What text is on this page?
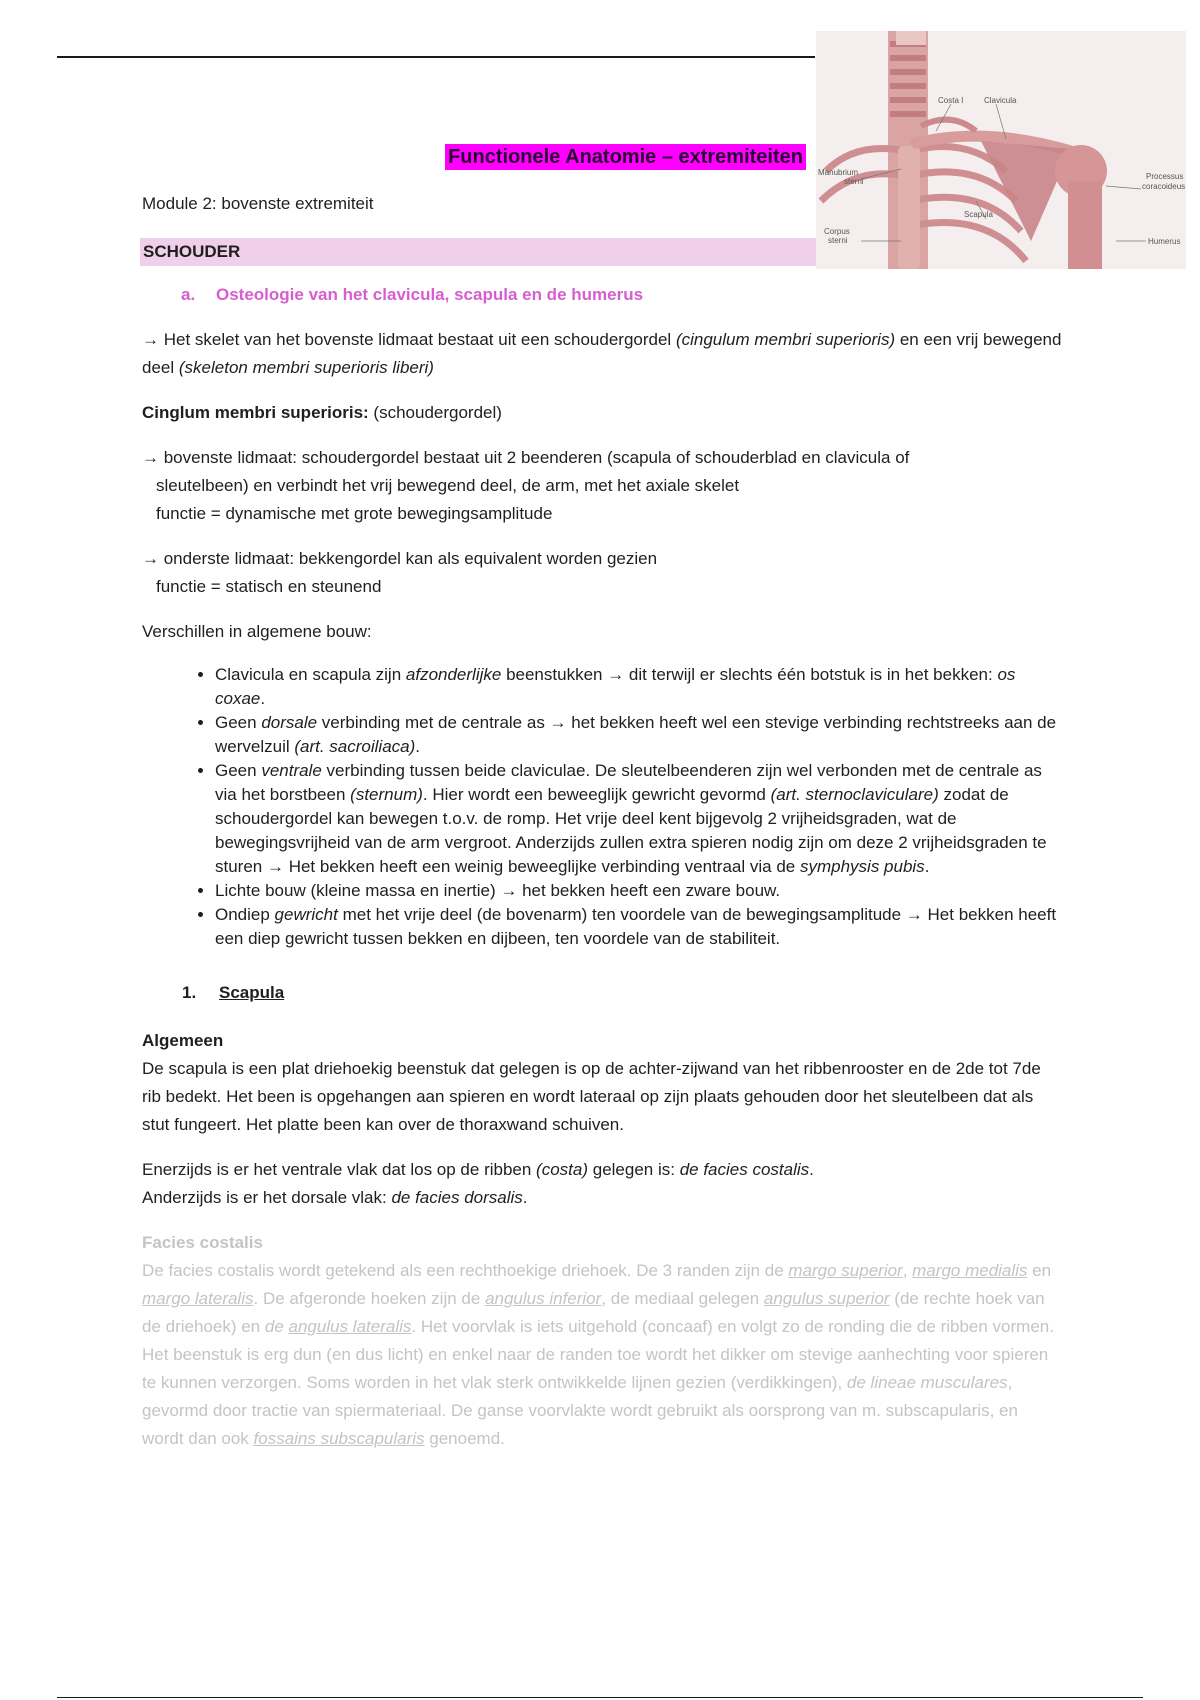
Costa I	Clavicula
Manubrium
sterni
Processus
coracoideus
Scapula
Corpus
sterni	Humerus
Functionele Anatomie – extremiteiten
Module 2: bovenste extremiteit
SCHOUDER
a. Osteologie van het clavicula, scapula en de humerus

→ Het skelet van het bovenste lidmaat bestaat uit een schoudergordel (cingulum membri superioris) en een vrij bewegend deel (skeleton membri superioris liberi)

Cinglum membri superioris: (schoudergordel)

→ bovenste lidmaat: schoudergordel bestaat uit 2 beenderen (scapula of schouderblad en clavicula of
sleutelbeen) en verbindt het vrij bewegend deel, de arm, met het axiale skelet
functie = dynamische met grote bewegingsamplitude

→ onderste lidmaat: bekkengordel kan als equivalent worden gezien
functie = statisch en steunend

Verschillen in algemene bouw:

• Clavicula en scapula zijn afzonderlijke beenstukken → dit terwijl er slechts één botstuk is in het bekken: os coxae.
• Geen dorsale verbinding met de centrale as → het bekken heeft wel een stevige verbinding rechtstreeks aan de wervelzuil (art. sacroiliaca).
• Geen ventrale verbinding tussen beide claviculae. De sleutelbeenderen zijn wel verbonden met de centrale as via het borstbeen (sternum). Hier wordt een beweeglijk gewricht gevormd (art. sternoclaviculare) zodat de schoudergordel kan bewegen t.o.v. de romp. Het vrije deel kent bijgevolg 2 vrijheidsgraden, wat de bewegingsvrijheid van de arm vergroot. Anderzijds zullen extra spieren nodig zijn om deze 2 vrijheidsgraden te sturen → Het bekken heeft een weinig beweeglijke verbinding ventraal via de symphysis pubis.
• Lichte bouw (kleine massa en inertie) → het bekken heeft een zware bouw.
• Ondiep gewricht met het vrije deel (de bovenarm) ten voordele van de bewegingsamplitude → Het bekken heeft een diep gewricht tussen bekken en dijbeen, ten voordele van de stabiliteit.
1. Scapula

Algemeen
De scapula is een plat driehoekig beenstuk dat gelegen is op de achter-zijwand van het ribbenrooster en de 2de tot 7de rib bedekt. Het been is opgehangen aan spieren en wordt lateraal op zijn plaats gehouden door het sleutelbeen dat als stut fungeert. Het platte been kan over de thoraxwand schuiven.

Enerzijds is er het ventrale vlak dat los op de ribben (costa) gelegen is: de facies costalis.
Anderzijds is er het dorsale vlak: de facies dorsalis.

Facies costalis
De facies costalis wordt getekend als een rechthoekige driehoek. De 3 randen zijn de margo superior, margo medialis en margo lateralis. De afgeronde hoeken zijn de angulus inferior, de mediaal gelegen angulus superior (de rechte hoek van de driehoek) en de angulus lateralis. Het voorvlak is iets uitgehold (concaaf) en volgt zo de ronding die de ribben vormen. Het beenstuk is erg dun (en dus licht) en enkel naar de randen toe wordt het dikker om stevige aanhechting voor spieren te kunnen verzorgen. Soms worden in het vlak sterk ontwikkelde lijnen gezien (verdikkingen), de lineae musculares, gevormd door tractie van spiermateriaal. De ganse voorvlakte wordt gebruikt als oorsprong van m. subscapularis, en wordt dan ook fossains subscapularis genoemd.
